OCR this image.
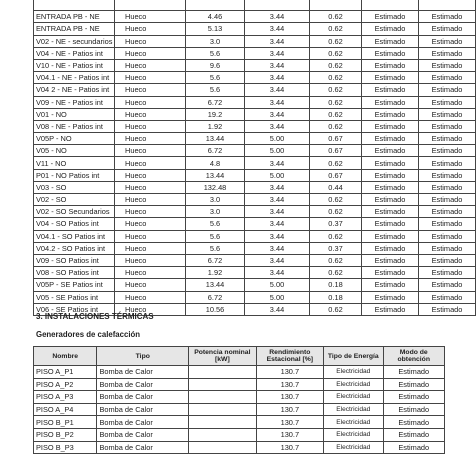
ENTRADA PB - NE	Hueco	4.46	3.44	0.62	Estimado	Estimado
ENTRADA PB - NE	Hueco	5.13	3.44	0.62	Estimado	Estimado
V02 - NE - secundarios	Hueco	3.0	3.44	0.62	Estimado	Estimado
V04 - NE - Patios int	Hueco	5.6	3.44	0.62	Estimado	Estimado
V10 - NE - Patios int	Hueco	9.6	3.44	0.62	Estimado	Estimado
V04.1 - NE - Patios int	Hueco	5.6	3.44	0.62	Estimado	Estimado
V04 2 - NE - Patios int	Hueco	5.6	3.44	0.62	Estimado	Estimado
V09 - NE - Patios int	Hueco	6.72	3.44	0.62	Estimado	Estimado
V01 - NO	Hueco	19.2	3.44	0.62	Estimado	Estimado
V08 - NE - Patios int	Hueco	1.92	3.44	0.62	Estimado	Estimado
V05P - NO	Hueco	13.44	5.00	0.67	Estimado	Estimado
V05 - NO	Hueco	6.72	5.00	0.67	Estimado	Estimado
V11 - NO	Hueco	4.8	3.44	0.62	Estimado	Estimado
P01 - NO Patios int	Hueco	13.44	5.00	0.67	Estimado	Estimado
V03 - SO	Hueco	132.48	3.44	0.44	Estimado	Estimado
V02 - SO	Hueco	3.0	3.44	0.62	Estimado	Estimado
V02 - SO Secundarios	Hueco	3.0	3.44	0.62	Estimado	Estimado
V04 - SO Patios int	Hueco	5.6	3.44	0.37	Estimado	Estimado
V04.1 - SO Patios int	Hueco	5.6	3.44	0.62	Estimado	Estimado
V04.2 - SO Patios int	Hueco	5.6	3.44	0.37	Estimado	Estimado
V09 - SO Patios int	Hueco	6.72	3.44	0.62	Estimado	Estimado
V08 - SO Patios int	Hueco	1.92	3.44	0.62	Estimado	Estimado
V05P - SE Patios int	Hueco	13.44	5.00	0.18	Estimado	Estimado
V05 - SE Patios int	Hueco	6.72	5.00	0.18	Estimado	Estimado
V06 - SE Patios int	Hueco	10.56	3.44	0.62	Estimado	Estimado
3. INSTALACIONES TÉRMICAS
Generadores de calefacción
Nombre	Tipo	Potencia nominal [kW]	Rendimiento Estacional [%]	Tipo de Energía	Modo de obtención
PISO A_P1	Bomba de Calor		130.7	Electricidad	Estimado
PISO A_P2	Bomba de Calor		130.7	Electricidad	Estimado
PISO A_P3	Bomba de Calor		130.7	Electricidad	Estimado
PISO A_P4	Bomba de Calor		130.7	Electricidad	Estimado
PISO B_P1	Bomba de Calor		130.7	Electricidad	Estimado
PISO B_P2	Bomba de Calor		130.7	Electricidad	Estimado
PISO B_P3	Bomba de Calor		130.7	Electricidad	Estimado
